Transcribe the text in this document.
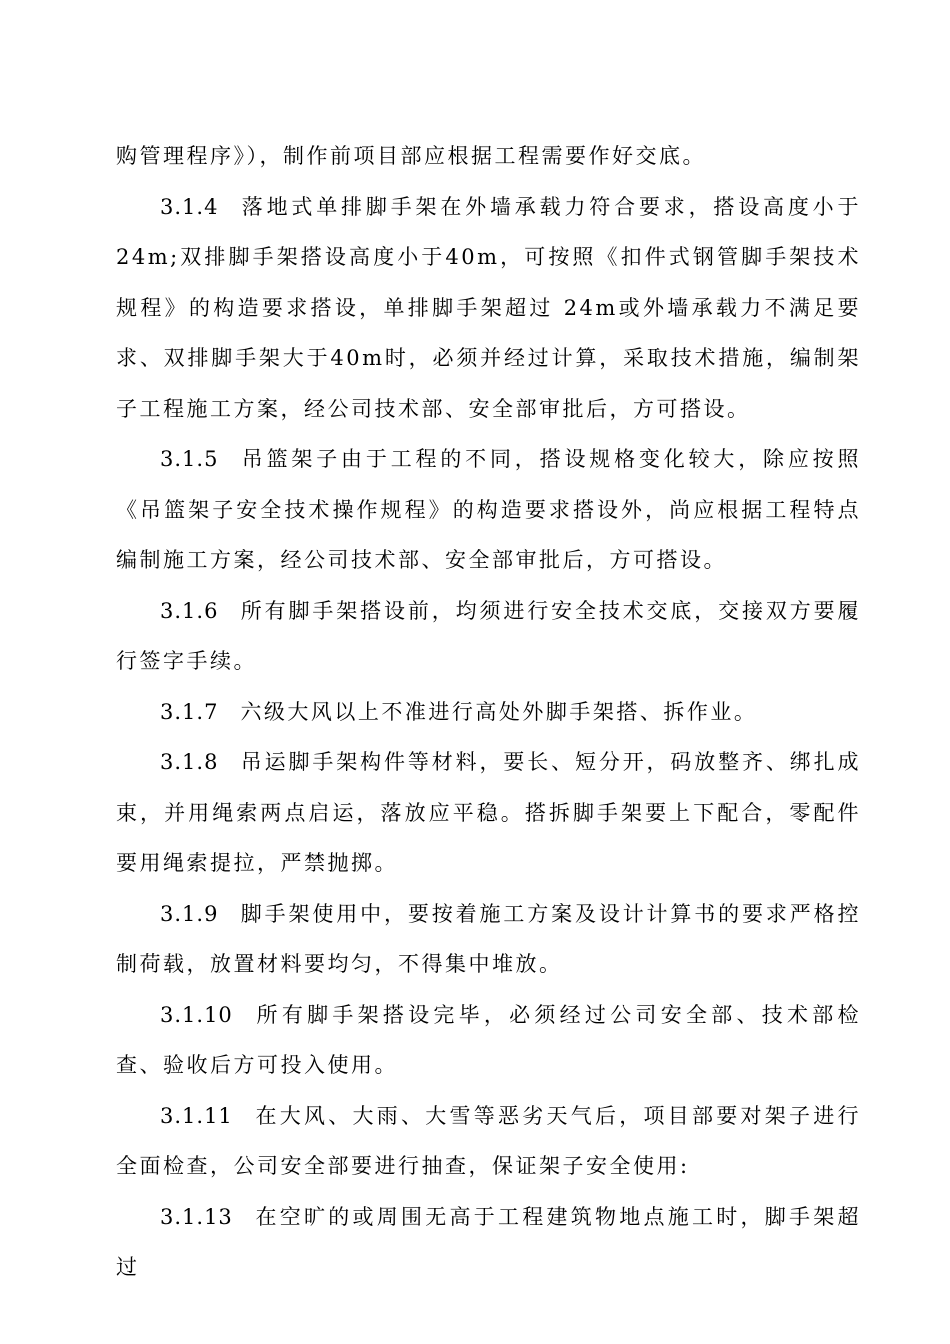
购管理程序》），制作前项目部应根据工程需要作好交底。

3.1.4 落地式单排脚手架在外墙承载力符合要求，搭设高度小于24m;双排脚手架搭设高度小于40m，可按照《扣件式钢管脚手架技术规程》的构造要求搭设，单排脚手架超过 24m或外墙承载力不满足要求、双排脚手架大于40m时，必须并经过计算，采取技术措施，编制架子工程施工方案，经公司技术部、安全部审批后，方可搭设。

3.1.5 吊篮架子由于工程的不同，搭设规格变化较大，除应按照《吊篮架子安全技术操作规程》的构造要求搭设外，尚应根据工程特点编制施工方案，经公司技术部、安全部审批后，方可搭设。

3.1.6 所有脚手架搭设前，均须进行安全技术交底，交接双方要履行签字手续。

3.1.7 六级大风以上不准进行高处外脚手架搭、拆作业。

3.1.8 吊运脚手架构件等材料，要长、短分开，码放整齐、绑扎成束，并用绳索两点启运，落放应平稳。搭拆脚手架要上下配合，零配件要用绳索提拉，严禁抛掷。

3.1.9 脚手架使用中，要按着施工方案及设计计算书的要求严格控制荷载，放置材料要均匀，不得集中堆放。

3.1.10 所有脚手架搭设完毕，必须经过公司安全部、技术部检查、验收后方可投入使用。

3.1.11 在大风、大雨、大雪等恶劣天气后，项目部要对架子进行全面检查，公司安全部要进行抽查，保证架子安全使用:

3.1.13 在空旷的或周围无高于工程建筑物地点施工时，脚手架超过
